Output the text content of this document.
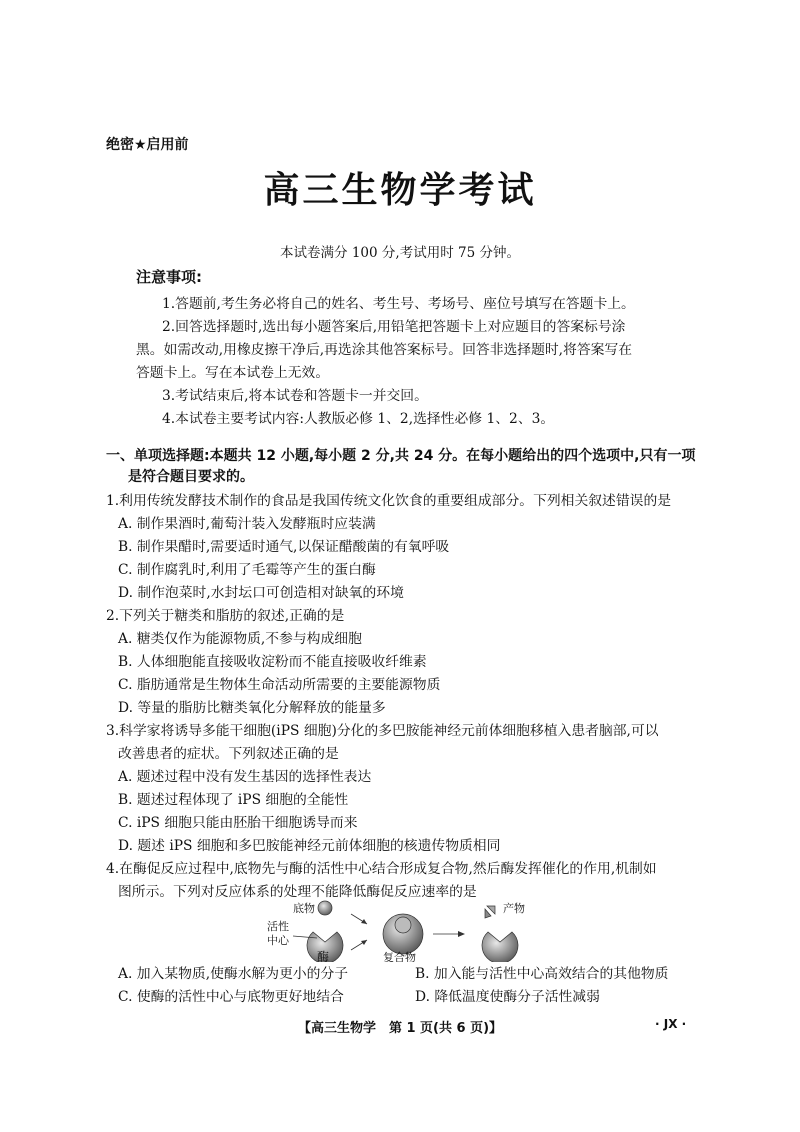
绝密★启用前
高三生物学考试
本试卷满分 100 分,考试用时 75 分钟。
注意事项:
1.答题前,考生务必将自己的姓名、考生号、考场号、座位号填写在答题卡上。
2.回答选择题时,选出每小题答案后,用铅笔把答题卡上对应题目的答案标号涂
黑。如需改动,用橡皮擦干净后,再选涂其他答案标号。回答非选择题时,将答案写在
答题卡上。写在本试卷上无效。
3.考试结束后,将本试卷和答题卡一并交回。
4.本试卷主要考试内容:人教版必修 1、2,选择性必修 1、2、3。
一、单项选择题:本题共 12 小题,每小题 2 分,共 24 分。在每小题给出的四个选项中,只有一项
是符合题目要求的。
1.利用传统发酵技术制作的食品是我国传统文化饮食的重要组成部分。下列相关叙述错误的是
A. 制作果酒时,葡萄汁装入发酵瓶时应装满
B. 制作果醋时,需要适时通气,以保证醋酸菌的有氧呼吸
C. 制作腐乳时,利用了毛霉等产生的蛋白酶
D. 制作泡菜时,水封坛口可创造相对缺氧的环境
2.下列关于糖类和脂肪的叙述,正确的是
A. 糖类仅作为能源物质,不参与构成细胞
B. 人体细胞能直接吸收淀粉而不能直接吸收纤维素
C. 脂肪通常是生物体生命活动所需要的主要能源物质
D. 等量的脂肪比糖类氧化分解释放的能量多
3.科学家将诱导多能干细胞(iPS 细胞)分化的多巴胺能神经元前体细胞移植入患者脑部,可以
改善患者的症状。下列叙述正确的是
A. 题述过程中没有发生基因的选择性表达
B. 题述过程体现了 iPS 细胞的全能性
C. iPS 细胞只能由胚胎干细胞诱导而来
D. 题述 iPS 细胞和多巴胺能神经元前体细胞的核遗传物质相同
4.在酶促反应过程中,底物先与酶的活性中心结合形成复合物,然后酶发挥催化的作用,机制如
图所示。下列对反应体系的处理不能降低酶促反应速率的是
底物
活性
中心
酶	复合物
产物
A. 加入某物质,使酶水解为更小的分子	B. 加入能与活性中心高效结合的其他物质
C. 使酶的活性中心与底物更好地结合	D. 降低温度使酶分子活性减弱
【高三生物学　第 1 页(共 6 页)】	· JX ·
